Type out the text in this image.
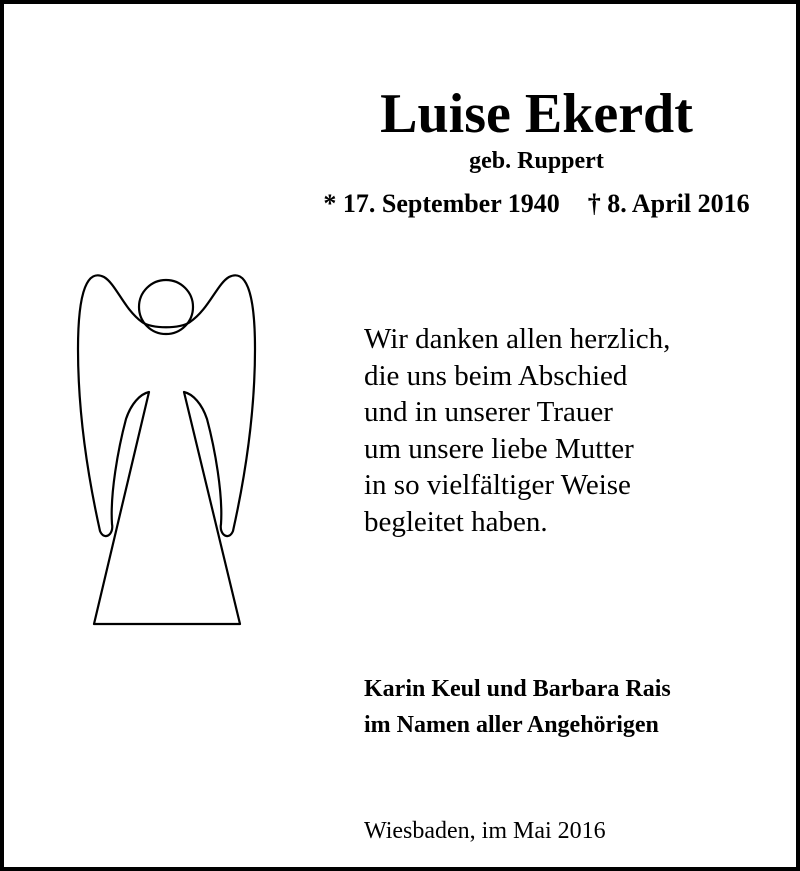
Luise Ekerdt
geb. Ruppert
* 17. September 1940 † 8. April 2016
Wir danken allen herzlich,
die uns beim Abschied
und in unserer Trauer
um unsere liebe Mutter
in so vielfältiger Weise
begleitet haben.
Karin Keul und Barbara Rais
im Namen aller Angehörigen
Wiesbaden, im Mai 2016
